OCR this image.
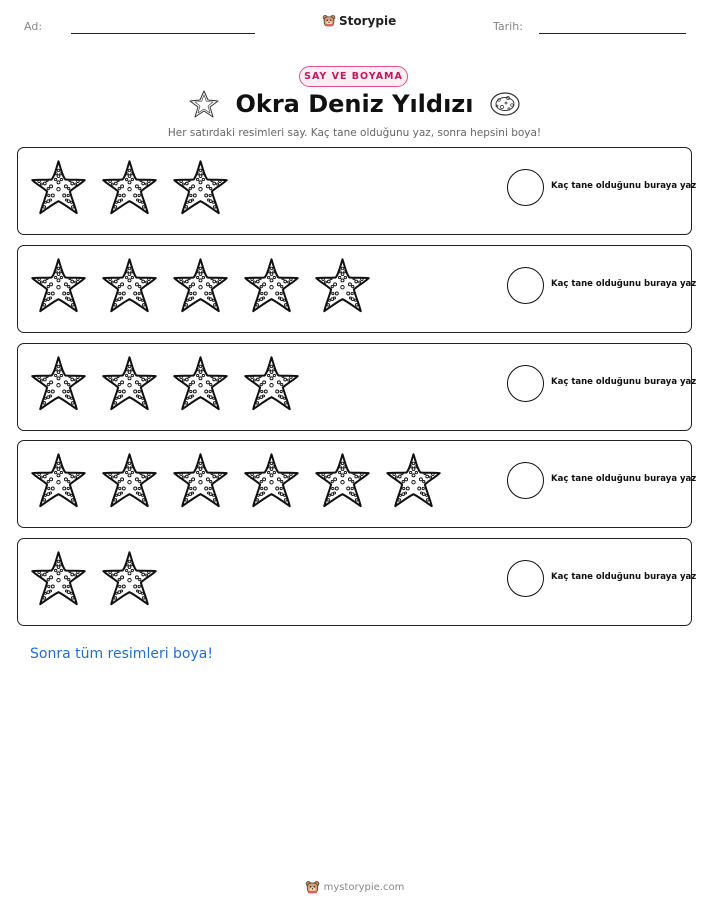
Ad:	Storypie	Tarih:
SAY VE BOYAMA
Okra Deniz Yıldızı
Her satırdaki resimleri say. Kaç tane olduğunu yaz, sonra hepsini boya!
Kaç tane olduğunu buraya yaz
Kaç tane olduğunu buraya yaz
Kaç tane olduğunu buraya yaz
Kaç tane olduğunu buraya yaz
Kaç tane olduğunu buraya yaz
Sonra tüm resimleri boya!
mystorypie.com
